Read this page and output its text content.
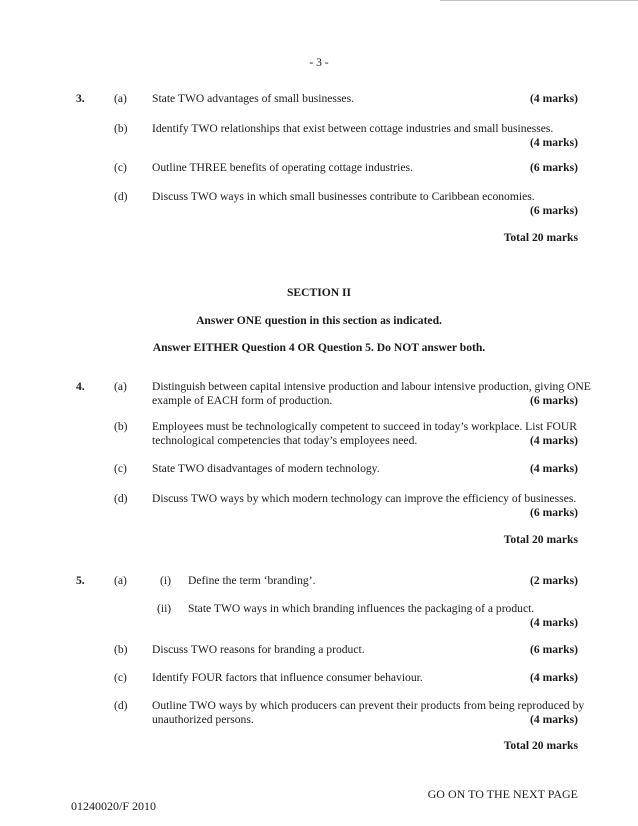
- 3 -
3.	(a) State TWO advantages of small businesses.	(4 marks)
(b) Identify TWO relationships that exist between cottage industries and small businesses.
(4 marks)
(c) Outline THREE benefits of operating cottage industries.	(6 marks)
(d) Discuss TWO ways in which small businesses contribute to Caribbean economies.
(6 marks)
Total 20 marks
SECTION II
Answer ONE question in this section as indicated.
Answer EITHER Question 4 OR Question 5. Do NOT answer both.
4.	(a) Distinguish between capital intensive production and labour intensive production, giving ONE
example of EACH form of production.	(6 marks)
(b) Employees must be technologically competent to succeed in today’s workplace. List FOUR
technological competencies that today’s employees need.	(4 marks)
(c) State TWO disadvantages of modern technology.	(4 marks)
(d) Discuss TWO ways by which modern technology can improve the efficiency of businesses.
(6 marks)
Total 20 marks
5.	(a)	(i) Define the term ‘branding’.	(2 marks)
(ii) State TWO ways in which branding influences the packaging of a product.
(4 marks)
(b) Discuss TWO reasons for branding a product.	(6 marks)
(c) Identify FOUR factors that influence consumer behaviour.	(4 marks)
(d) Outline TWO ways by which producers can prevent their products from being reproduced by
unauthorized persons.	(4 marks)
Total 20 marks
GO ON TO THE NEXT PAGE
01240020/F 2010
